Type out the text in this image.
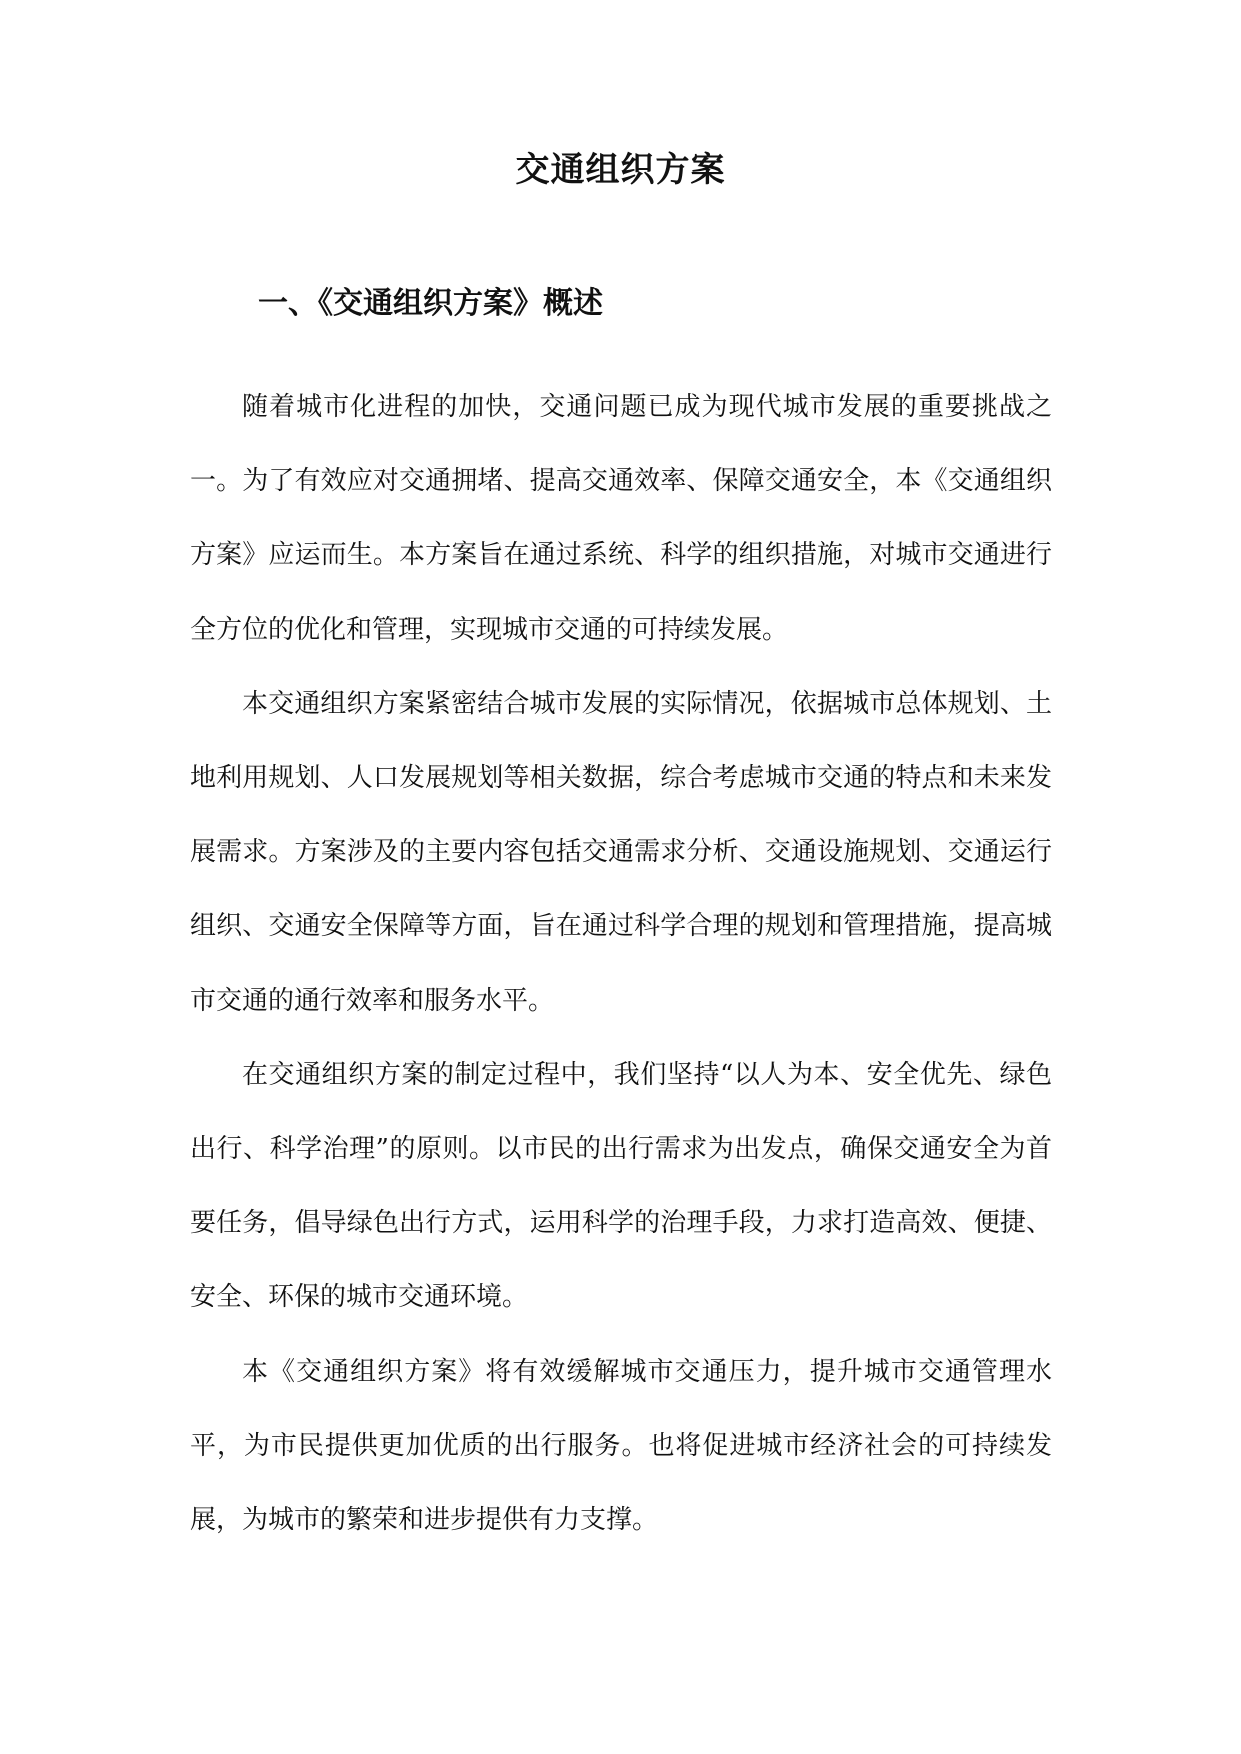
交通组织方案
一、《交通组织方案》概述

随着城市化进程的加快，交通问题已成为现代城市发展的重要挑战之一。为了有效应对交通拥堵、提高交通效率、保障交通安全，本《交通组织方案》应运而生。本方案旨在通过系统、科学的组织措施，对城市交通进行全方位的优化和管理，实现城市交通的可持续发展。

本交通组织方案紧密结合城市发展的实际情况，依据城市总体规划、土地利用规划、人口发展规划等相关数据，综合考虑城市交通的特点和未来发展需求。方案涉及的主要内容包括交通需求分析、交通设施规划、交通运行组织、交通安全保障等方面，旨在通过科学合理的规划和管理措施，提高城市交通的通行效率和服务水平。

在交通组织方案的制定过程中，我们坚持“以人为本、安全优先、绿色出行、科学治理”的原则。以市民的出行需求为出发点，确保交通安全为首要任务，倡导绿色出行方式，运用科学的治理手段，力求打造高效、便捷、安全、环保的城市交通环境。

本《交通组织方案》将有效缓解城市交通压力，提升城市交通管理水平，为市民提供更加优质的出行服务。也将促进城市经济社会的可持续发展，为城市的繁荣和进步提供有力支撑。
